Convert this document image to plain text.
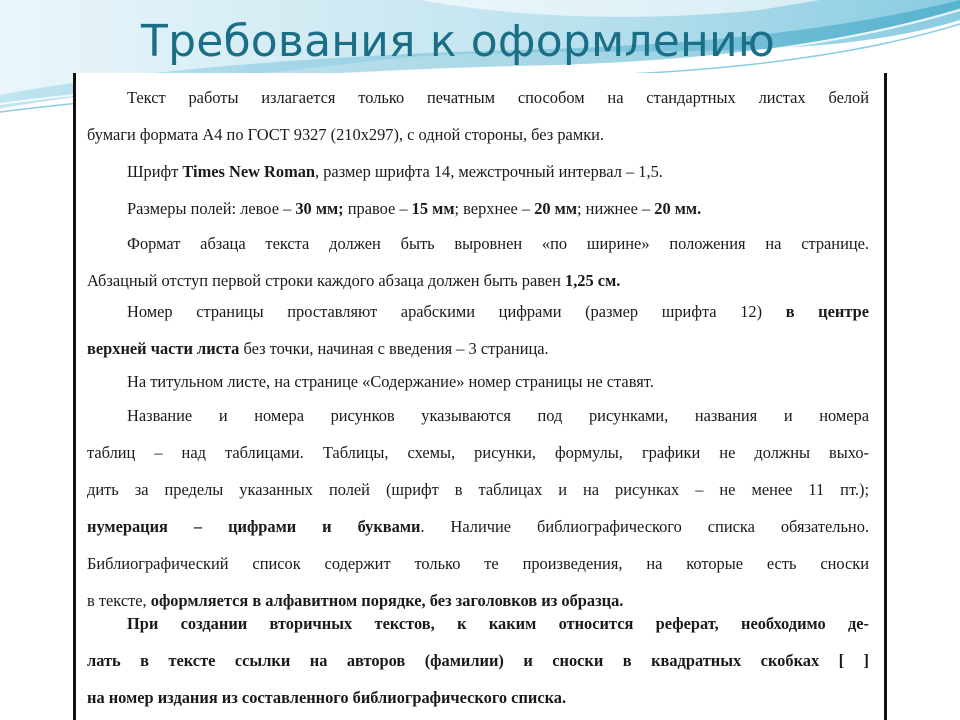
Требования к оформлению
Текст работы излагается только печатным способом на стандартных листах белой
бумаги формата А4 по ГОСТ 9327 (210х297), с одной стороны, без рамки.
Шрифт Times New Roman, размер шрифта 14, межстрочный интервал – 1,5.
Размеры полей: левое – 30 мм; правое – 15 мм; верхнее – 20 мм; нижнее – 20 мм.
Формат абзаца текста должен быть выровнен «по ширине» положения на странице.
Абзацный отступ первой строки каждого абзаца должен быть равен 1,25 см.
Номер страницы проставляют арабскими цифрами (размер шрифта 12) в центре
верхней части листа без точки, начиная с введения – 3 страница.
На титульном листе, на странице «Содержание» номер страницы не ставят.
Название и номера рисунков указываются под рисунками, названия и номера
таблиц – над таблицами. Таблицы, схемы, рисунки, формулы, графики не должны выхо-
дить за пределы указанных полей (шрифт в таблицах и на рисунках – не менее 11 пт.);
нумерация – цифрами и буквами. Наличие библиографического списка обязательно.
Библиографический список содержит только те произведения, на которые есть сноски
в тексте, оформляется в алфавитном порядке, без заголовков из образца.
При создании вторичных текстов, к каким относится реферат, необходимо де-
лать в тексте ссылки на авторов (фамилии) и сноски в квадратных скобках [ ]
на номер издания из составленного библиографического списка.
